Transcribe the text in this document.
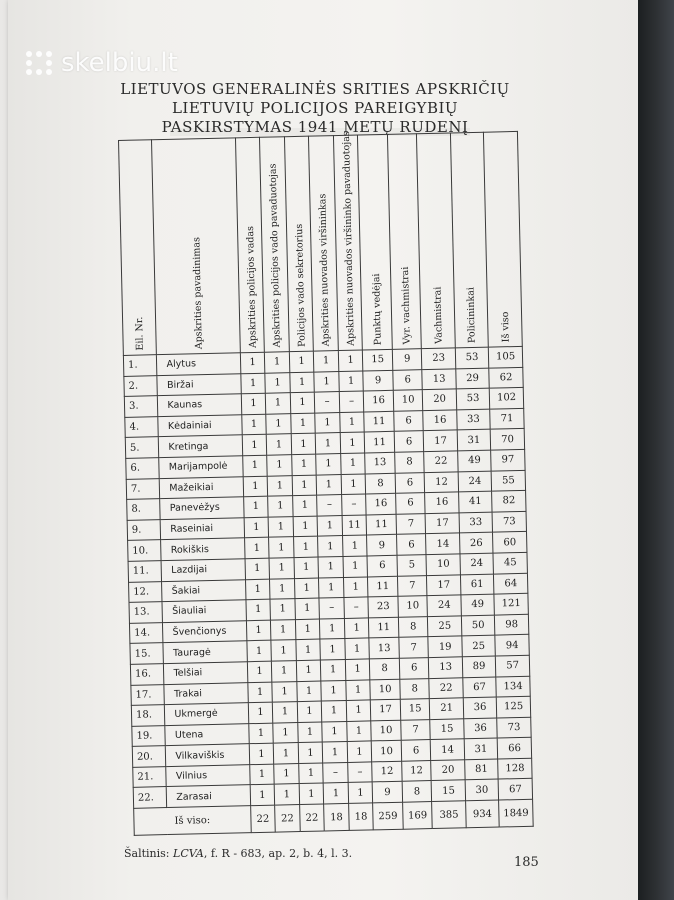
skelbiu.lt
LIETUVOS GENERALINĖS SRITIES APSKRIČIŲ
LIETUVIŲ POLICIJOS PAREIGYBIŲ
PASKIRSTYMAS 1941 METŲ RUDENĮ
Eil. Nr.	Apskrities pavadinimas	Apskrities policijos vadas	Apskrities policijos vado pavaduotojas	Policijos vado sekretorius	Apskrities nuovados viršininkas	Apskrities nuovados viršininko pavaduotojas	Punktų vedėjai	Vyr. vachmistrai	Vachmistrai	Policininkai	Iš viso

1.	Alytus	1	1	1	1	1	15	9	23	53	105
2.	Biržai	1	1	1	1	1	9	6	13	29	62
3.	Kaunas	1	1	1	–	–	16	10	20	53	102
4.	Kėdainiai	1	1	1	1	1	11	6	16	33	71
5.	Kretinga	1	1	1	1	1	11	6	17	31	70
6.	Marijampolė	1	1	1	1	1	13	8	22	49	97
7.	Mažeikiai	1	1	1	1	1	8	6	12	24	55
8.	Panevėžys	1	1	1	–	–	16	6	16	41	82
9.	Raseiniai	1	1	1	1	11	11	7	17	33	73
10.	Rokiškis	1	1	1	1	1	9	6	14	26	60
11.	Lazdijai	1	1	1	1	1	6	5	10	24	45
12.	Šakiai	1	1	1	1	1	11	7	17	61	64
13.	Šiauliai	1	1	1	–	–	23	10	24	49	121
14.	Švenčionys	1	1	1	1	1	11	8	25	50	98
15.	Tauragė	1	1	1	1	1	13	7	19	25	94
16.	Telšiai	1	1	1	1	1	8	6	13	89	57
17.	Trakai	1	1	1	1	1	10	8	22	67	134
18.	Ukmergė	1	1	1	1	1	17	15	21	36	125
19.	Utena	1	1	1	1	1	10	7	15	36	73
20.	Vilkaviškis	1	1	1	1	1	10	6	14	31	66
21.	Vilnius	1	1	1	–	–	12	12	20	81	128
22.	Zarasai	1	1	1	1	1	9	8	15	30	67
Iš viso:		22	22	22	18	18	259	169	385	934	1849
Šaltinis: LCVA, f. R - 683, ap. 2, b. 4, l. 3.
185
